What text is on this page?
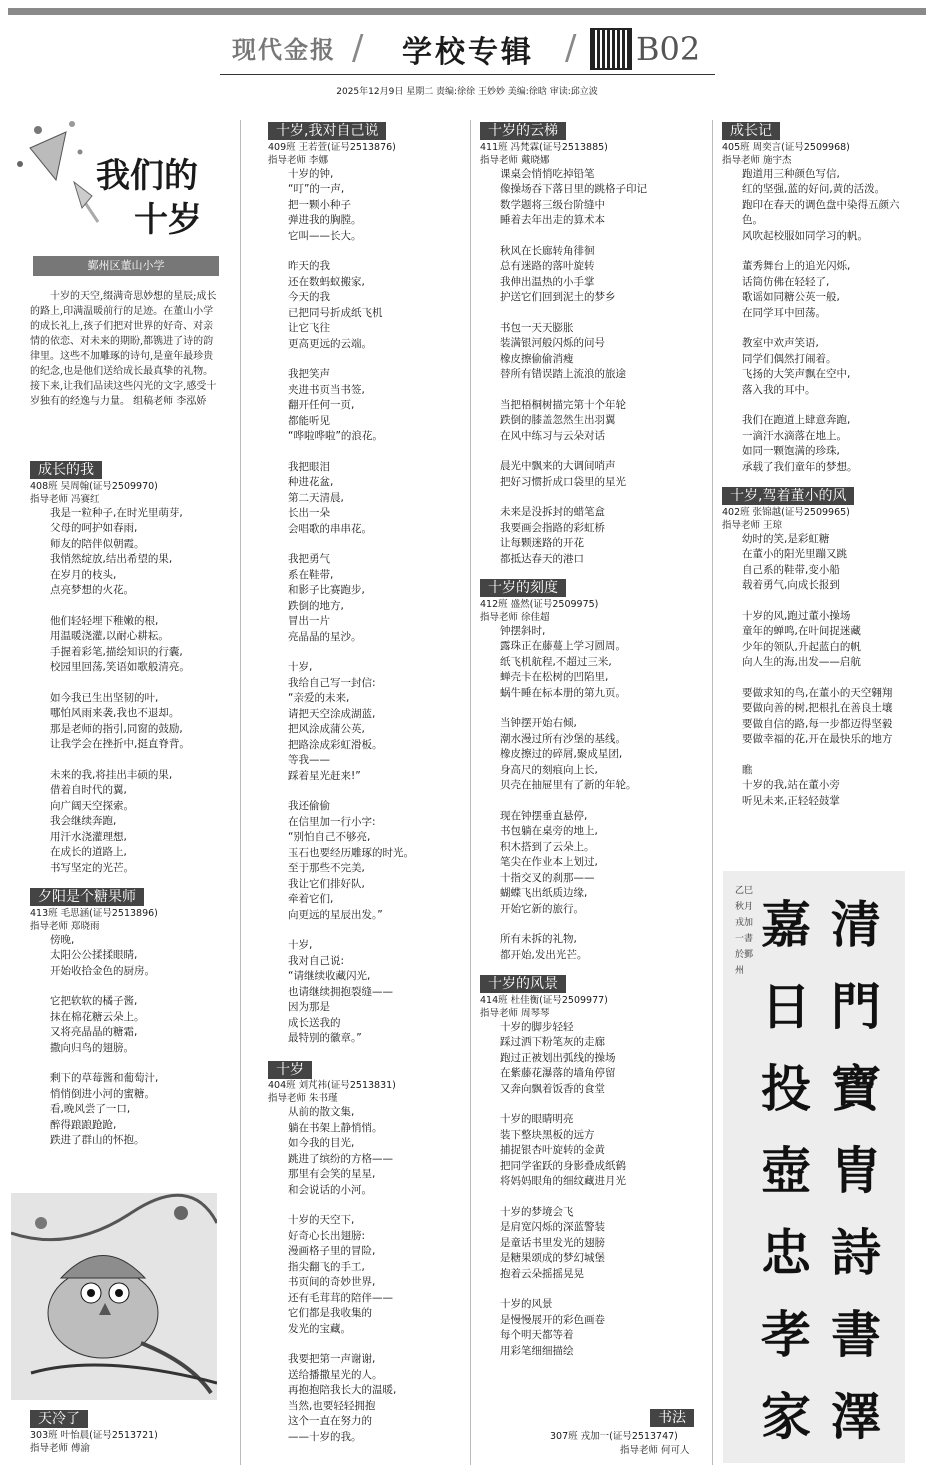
现代金报 / 学校专辑 / B02
2025年12月9日 星期二 责编:徐徐 王妙妙 美编:徐晗 审读:邱立波
我们的
十岁
鄞州区董山小学
十岁的天空,缀满奇思妙想的星辰;成长的路上,印满温暖前行的足迹。在董山小学的成长礼上,孩子们把对世界的好奇、对亲情的依恋、对未来的期盼,都镌进了诗的韵律里。这些不加雕琢的诗句,是童年最珍贵的纪念,也是他们送给成长最真挚的礼物。接下来,让我们品读这些闪光的文字,感受十岁独有的经逸与力量。 组稿老师 李泓娇
成长的我
408班 吴周翰(证号2509970)
指导老师 冯赛红

我是一粒种子,在时光里萌芽,

父母的呵护如春雨,

师友的陪伴似朝霞。

我悄然绽放,结出希望的果,

在岁月的枝头,

点亮梦想的火花。

他们轻轻埋下稚嫩的根,

用温暖浇灌,以耐心耕耘。

手握着彩笔,描绘知识的行囊,

校园里回荡,笑语如歌般清亮。

如今我已生出坚韧的叶,

哪怕风雨来袭,我也不退却。

那是老师的指引,同窗的鼓励,

让我学会在挫折中,挺直脊背。

未来的我,将挂出丰硕的果,

借着自时代的翼,

向广阔天空探索。

我会继续奔跑,

用汗水浇灌理想,

在成长的道路上,

书写坚定的光芒。

夕阳是个糖果师
413班 毛思涵(证号2513896)
指导老师 郑晓雨

傍晚,

太阳公公揉揉眼睛,

开始收拾金色的厨房。

它把软软的橘子酱,

抹在棉花糖云朵上。

又将亮晶晶的糖霜,

撒向归鸟的翅膀。

剩下的草莓酱和葡萄汁,

悄悄倒进小河的蜜糖。

看,晚风尝了一口,

醉得踉踉跄跄,

跌进了群山的怀抱。

天冷了
303班 叶怡晨(证号2513721)
指导老师 傅渝
十岁,我对自己说
409班 王若萱(证号2513876)
指导老师 李娜

十岁的钟,

“叮”的一声,

把一颗小种子

弹进我的胸膛。

它叫——长大。

昨天的我

还在数蚂蚁搬家,

今天的我

已把同号折成纸飞机

让它飞往

更高更远的云端。

我把笑声

夹进书页当书签,

翻开任何一页,

都能听见

“哗啦哗啦”的浪花。

我把眼泪

种进花盆,

第二天清晨,

长出一朵

会唱歌的串串花。

我把勇气

系在鞋带,

和影子比赛跑步,

跌倒的地方,

冒出一片

亮晶晶的星沙。

十岁,

我给自己写一封信:

“亲爱的未来,

请把天空涂成湖蓝,

把风涂成蒲公英,

把路涂成彩虹滑板。

等我——

踩着星光赶来!”

我还偷偷

在信里加一行小字:

“别怕自己不够亮,

玉石也要经历雕琢的时光。

至于那些不完美,

我让它们排好队,

牵着它们,

向更远的星辰出发。”

十岁,

我对自己说:

“请继续收藏闪光,

也请继续拥抱裂缝——

因为那是

成长送我的

最特别的徽章。”

十岁
404班 刘芃祎(证号2513831)
指导老师 朱书瑾

从前的散文集,

躺在书架上静悄悄。

如今我的目光,

跳进了缤纷的方格——

那里有会笑的星星,

和会说话的小河。

十岁的天空下,

好奇心长出翅膀:

漫画格子里的冒险,

指尖翻飞的手工,

书页间的奇妙世界,

还有毛茸茸的陪伴——

它们都是我收集的

发光的宝藏。

我要把第一声谢谢,

送给播撒星光的人。

再抱抱陪我长大的温暖,

当然,也要轻轻拥抱

这个一直在努力的

——十岁的我。

十岁的云梯
411班 冯梵霖(证号2513885)
指导老师 戴晓娜

课桌会悄悄吃掉铅笔

像操场吞下落日里的跳格子印记

数学题将三级台阶缝中

睡着去年出走的算术本

秋风在长廊转角徘徊

总有迷路的落叶旋转

我伸出温热的小手掌

护送它们回到泥土的梦乡

书包一天天膨胀

装满银河般闪烁的问号

橡皮擦偷偷消瘦

替所有错误踏上流浪的旅途

当把梧桐树描完第十个年轮

跌倒的膝盖忽然生出羽翼

在风中练习与云朵对话

晨光中飘来的大调间哨声

把好习惯折成口袋里的星光

未来是没拆封的蜡笔盒

我要画会指路的彩虹桥

让每颗迷路的开花

都抵达春天的港口

十岁的刻度
412班 盛然(证号2509975)
指导老师 徐佳超

钟摆斜时,

露珠正在藤蔓上学习圆周。

纸飞机航程,不超过三米,

蝉壳卡在松树的凹陷里,

蜗牛睡在标本册的第九页。

当钟摆开始右倾,

潮水漫过所有沙堡的基线。

橡皮擦过的碎屑,聚成星团,

身高尺的刻痕向上长,

贝壳在抽屉里有了新的年轮。

现在钟摆垂直悬停,

书包躺在桌旁的地上,

积木搭到了云朵上。

笔尖在作业本上划过,

十指交叉的刹那——

蝴蝶飞出纸质边缘,

开始它新的旅行。

所有未拆的礼物,

都开始,发出光芒。

十岁的风景
414班 杜佳衡(证号2509977)
指导老师 周琴琴

十岁的脚步轻轻

踩过洒下粉笔灰的走廊

跑过正被划出弧线的操场

在紫藤花瀑落的墙角停留

又奔向飘着饭香的食堂

十岁的眼睛明亮

装下整块黑板的远方

捕捉银杏叶旋转的金黄

把同学雀跃的身影叠成纸鹤

将妈妈眼角的细纹藏进月光

十岁的梦境会飞

是肩宽闪烁的深蓝警装

是童话书里发光的翅膀

是糖果颂成的梦幻城堡

抱着云朵摇摇晃晃

十岁的风景

是慢慢展开的彩色画卷

每个明天都等着

用彩笔细细描绘

书法
307班 戎加一(证号2513747)
指导老师 何可人
成长记
405班 周奕言(证号2509968)
指导老师 施宇杰

跑道用三种颜色写信,

红的坚强,蓝的好问,黄的活泼。

跑印在春天的调色盘中染得五颜六色。

风吹起校服如同学习的帆。

董秀舞台上的追光闪烁,

话筒仿佛在轻轻了,

歌谣如同糖公英一般,

在同学耳中回荡。

教室中欢声笑语,

同学们偶然打闹着。

飞扬的大笑声飘在空中,

落入我的耳中。

我们在跑道上肆意奔跑,

一滴汗水滴落在地上。

如同一颗饱满的珍珠,

承载了我们童年的梦想。

十岁,驾着董小的风
402班 张锦越(证号2509965)
指导老师 王琼

幼时的笑,是彩虹糖

在董小的阳光里蹦又跳

自己系的鞋带,变小船

载着勇气,向成长报到

十岁的风,跑过董小操场

童年的蝉鸣,在叶间捉迷藏

少年的领队,升起蓝白的帆

向人生的海,出发——启航

要做求知的鸟,在董小的天空翱翔

要做向善的树,把根扎在善良土壤

要做自信的路,每一步都迈得坚毅

要做幸福的花,开在最快乐的地方

瞧

十岁的我,站在董小旁

听见未来,正轻轻鼓掌

乙巳秋月戎加一書於鄞州
清
門
寶
胄
詩
書
澤
嘉
日
投
壺
忠
孝
家
